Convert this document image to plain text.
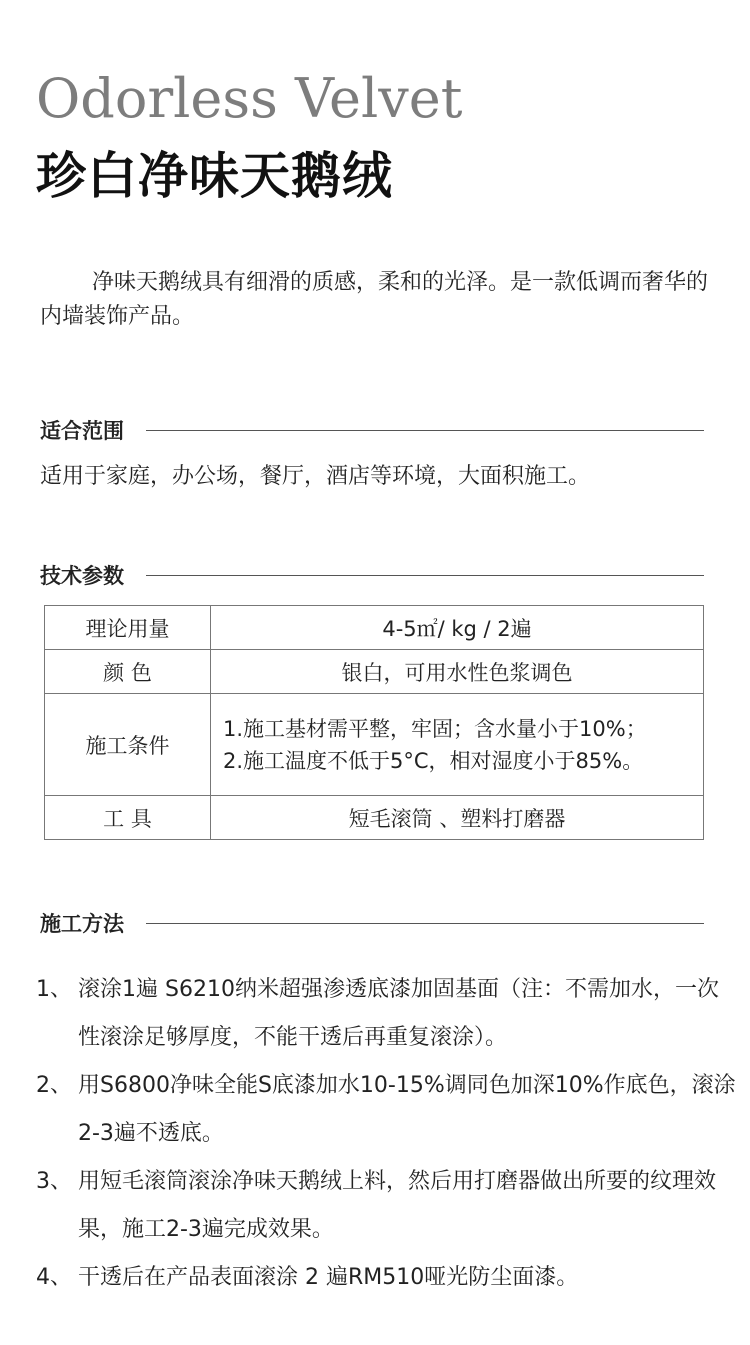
Odorless Velvet
珍白净味天鹅绒
净味天鹅绒具有细滑的质感，柔和的光泽。是一款低调而奢华的内墙装饰产品。
适合范围
适用于家庭，办公场，餐厅，酒店等环境，大面积施工。
技术参数
理论用量	4-5㎡/ kg / 2遍
颜 色	银白，可用水性色浆调色
施工条件	1.施工基材需平整，牢固；含水量小于10%；
2.施工温度不低于5°C，相对湿度小于85%。

工 具	短毛滚筒 、塑料打磨器
施工方法
1、 滚涂1遍 S6210纳米超强渗透底漆加固基面（注：不需加水，一次性滚涂足够厚度，不能干透后再重复滚涂）。
2、 用S6800净味全能S底漆加水10-15%调同色加深10%作底色，滚涂2-3遍不透底。
3、 用短毛滚筒滚涂净味天鹅绒上料，然后用打磨器做出所要的纹理效果，施工2-3遍完成效果。
4、 干透后在产品表面滚涂 2 遍RM510哑光防尘面漆。
